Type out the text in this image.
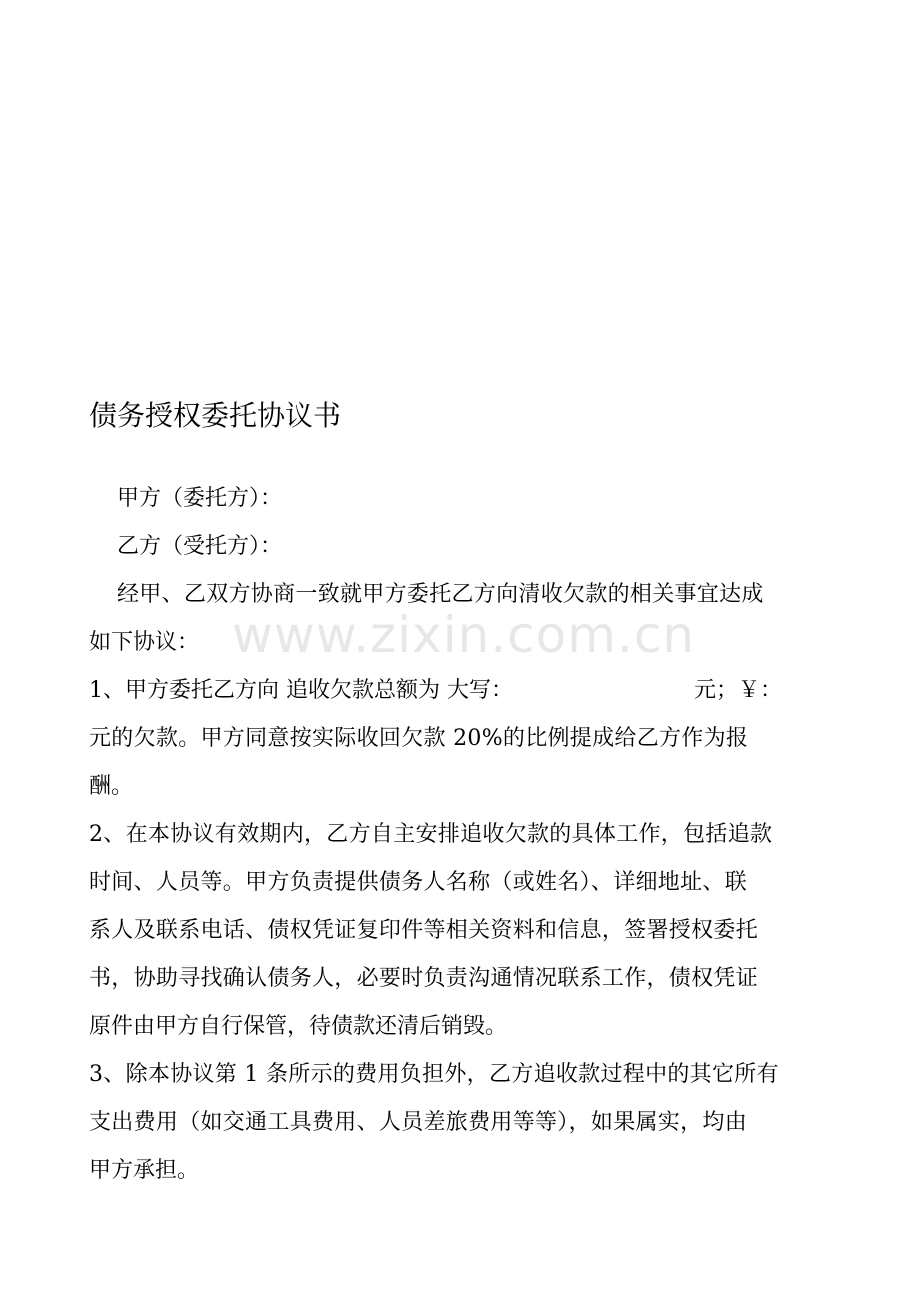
债务授权委托协议书
甲方（委托方）：
乙方（受托方）：
经甲、乙双方协商一致就甲方委托乙方向清收欠款的相关事宜达成
如下协议：
1、甲方委托乙方向 追收欠款总额为 大写：	元；￥：
元的欠款。甲方同意按实际收回欠款 20%的比例提成给乙方作为报
酬。
2、在本协议有效期内，乙方自主安排追收欠款的具体工作，包括追款
时间、人员等。甲方负责提供债务人名称（或姓名）、详细地址、联
系人及联系电话、债权凭证复印件等相关资料和信息，签署授权委托
书，协助寻找确认债务人，必要时负责沟通情况联系工作，债权凭证
原件由甲方自行保管，待债款还清后销毁。
3、除本协议第 1 条所示的费用负担外，乙方追收款过程中的其它所有
支出费用（如交通工具费用、人员差旅费用等等），如果属实，均由
甲方承担。
www.zixin.com.cn
